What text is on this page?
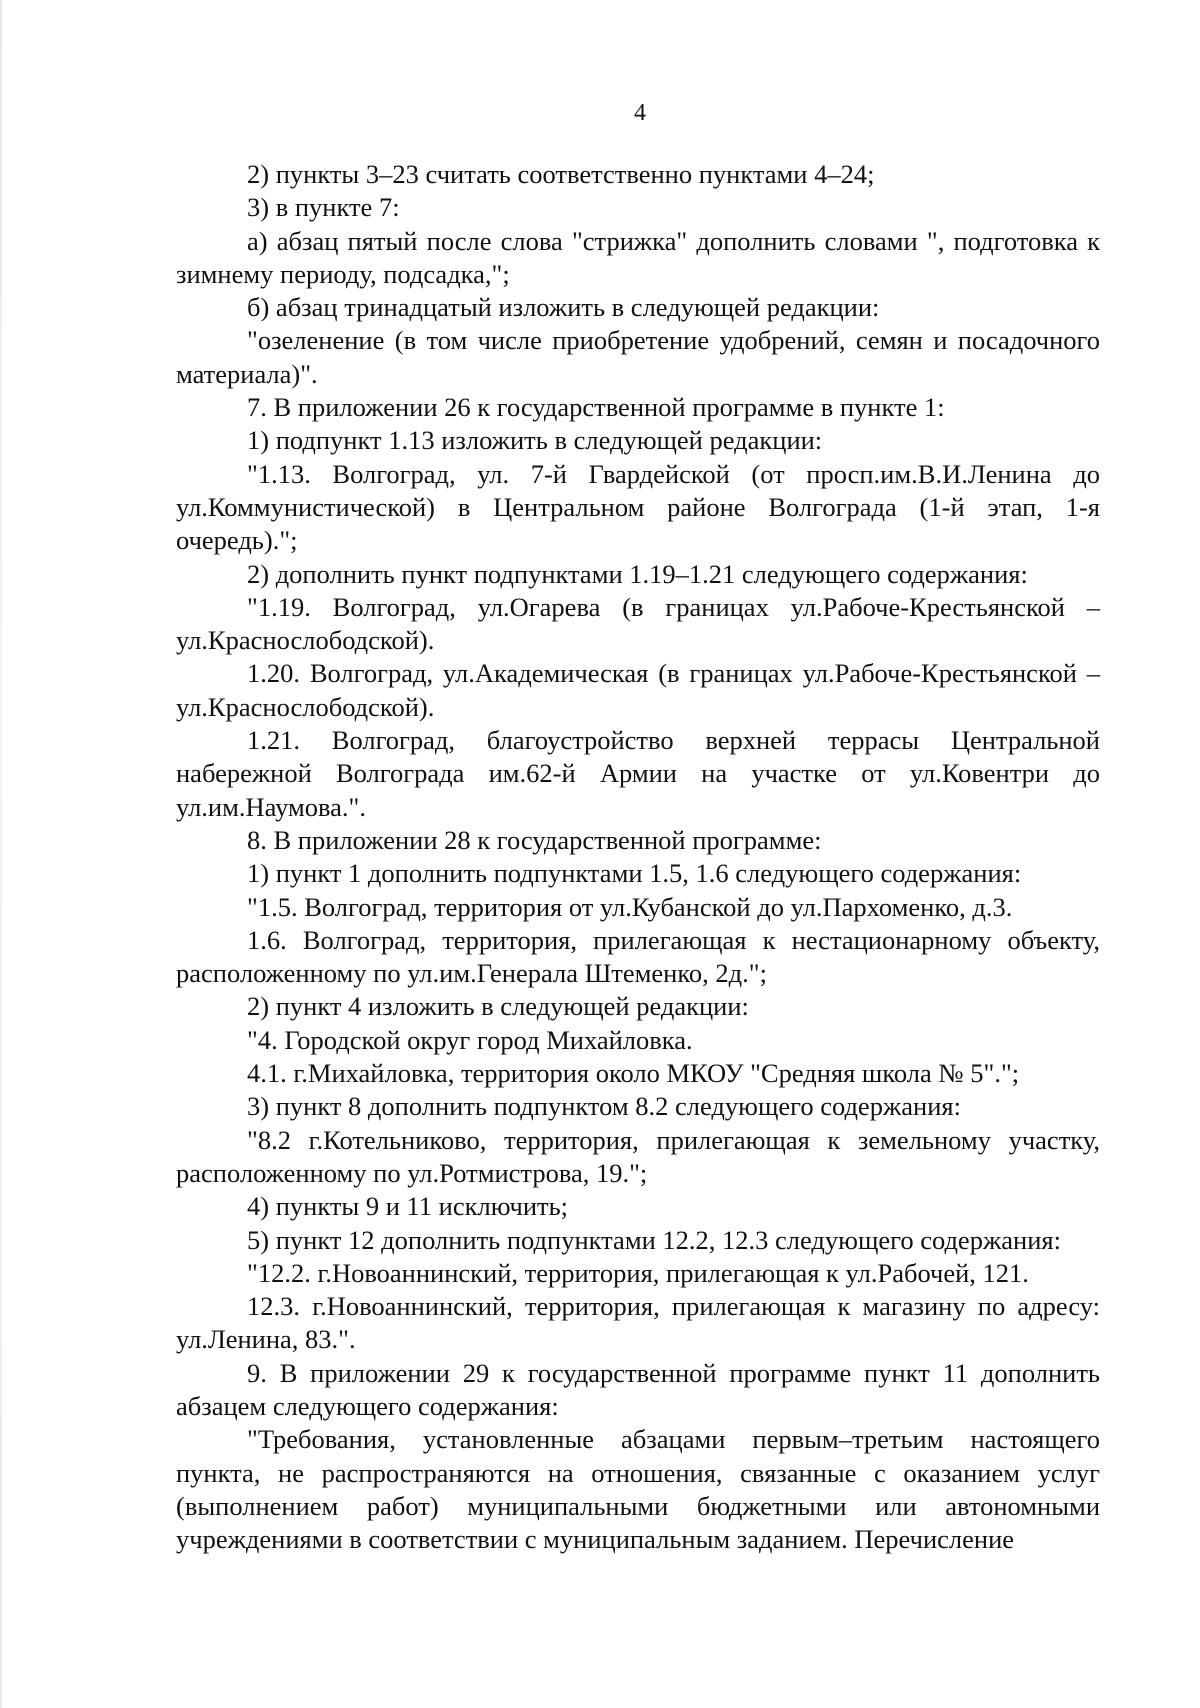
4

2) пункты 3–23 считать соответственно пунктами 4–24;

3) в пункте 7:

а) абзац пятый после слова "стрижка" дополнить словами ", подготовка к зимнему периоду, подсадка,";

б) абзац тринадцатый изложить в следующей редакции:

"озеленение (в том числе приобретение удобрений, семян и посадочного материала)".

7. В приложении 26 к государственной программе в пункте 1:

1) подпункт 1.13 изложить в следующей редакции:

"1.13. Волгоград, ул. 7-й Гвардейской (от просп.им.В.И.Ленина до ул.Коммунистической) в Центральном районе Волгограда (1-й этап, 1-я очередь).";

2) дополнить пункт подпунктами 1.19–1.21 следующего содержания:

"1.19. Волгоград, ул.Огарева (в границах ул.Рабоче-Крестьянской – ул.Краснослободской).

1.20. Волгоград, ул.Академическая (в границах ул.Рабоче-Крестьянской – ул.Краснослободской).

1.21. Волгоград, благоустройство верхней террасы Центральной набережной Волгограда им.62-й Армии на участке от ул.Ковентри до ул.им.Наумова.".

8. В приложении 28 к государственной программе:

1) пункт 1 дополнить подпунктами 1.5, 1.6 следующего содержания:

"1.5. Волгоград, территория от ул.Кубанской до ул.Пархоменко, д.3.

1.6. Волгоград, территория, прилегающая к нестационарному объекту, расположенному по ул.им.Генерала Штеменко, 2д.";

2) пункт 4 изложить в следующей редакции:

"4. Городской округ город Михайловка.

4.1. г.Михайловка, территория около МКОУ "Средняя школа № 5".";

3) пункт 8 дополнить подпунктом 8.2 следующего содержания:

"8.2 г.Котельниково, территория, прилегающая к земельному участку, расположенному по ул.Ротмистрова, 19.";

4) пункты 9 и 11 исключить;

5) пункт 12 дополнить подпунктами 12.2, 12.3 следующего содержания:

"12.2. г.Новоаннинский, территория, прилегающая к ул.Рабочей, 121.

12.3. г.Новоаннинский, территория, прилегающая к магазину по адресу: ул.Ленина, 83.".

9. В приложении 29 к государственной программе пункт 11 дополнить абзацем следующего содержания:

"Требования, установленные абзацами первым–третьим настоящего пункта, не распространяются на отношения, связанные с оказанием услуг (выполнением работ) муниципальными бюджетными или автономными учреждениями в соответствии с муниципальным заданием. Перечисление
